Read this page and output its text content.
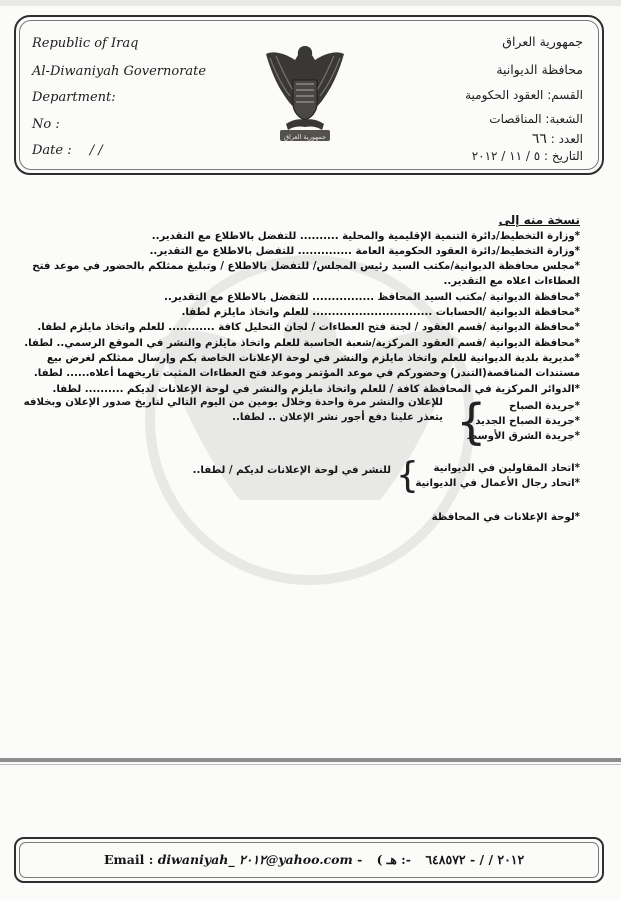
Republic of Iraq
Al-Diwaniyah Governorate
Department:
No :
Date : / /
جمهورية العراق
محافظة الديوانية
القسم: العقود الحكومية
الشعبة: المناقصات
العدد : ٦٦
التاريخ : ٥ / ١١ / ٢٠١٢
جمهورية العراق
نسخة منه إلى
*وزارة التخطيط/دائرة التنمية الإقليمية والمحلية .......... للتفضل بالاطلاع مع التقدير..
*وزارة التخطيط/دائرة العقود الحكومية العامة .............. للتفضل بالاطلاع مع التقدير..
*مجلس محافظة الديوانية/مكتب السيد رئيس المجلس/ للتفضل بالاطلاع / وتبليغ ممثلكم بالحضور في موعد فتح
العطاءات اعلاه مع التقدير..
*محافظة الديوانية /مكتب السيد المحافظ ................ للتفضل بالاطلاع مع التقدير..
*محافظة الديوانية /الحسابات ............................... للعلم واتخاذ مايلزم لطفا.
*محافظة الديوانية /قسم العقود / لجنة فتح العطاءات / لجان التحليل كافة ............ للعلم واتخاذ مايلزم لطفا.
*محافظة الديوانية /قسم العقود المركزية/شعبة الحاسبة للعلم واتخاذ مايلزم والنشر في الموقع الرسمي.. لطفا.
*مديرية بلدية الديوانية للعلم واتخاذ مايلزم والنشر في لوحة الإعلانات الخاصة بكم وإرسال ممثلكم لغرض بيع
مستندات المناقصة(التندر) وحضوركم في موعد المؤتمر وموعد فتح العطاءات المثبت تاريخهما أعلاه...... لطفا.
*الدوائر المركزية في المحافظة كافة / للعلم واتخاذ مايلزم والنشر في لوحة الإعلانات لديكم .......... لطفا.
*جريدة الصباح
*جريدة الصباح الجديد
*جريدة الشرق الأوسط
{
للإعلان والنشر مرة واحدة وخلال يومين من اليوم التالي لتاريخ صدور الإعلان وبخلافه
يتعذر علينا دفع أجور نشر الإعلان .. لطفا..
*اتحاد المقاولين في الديوانية
*اتحاد رجال الأعمال في الديوانية
{
للنشر في لوحة الإعلانات لديكم / لطفا..
*لوحة الإعلانات في المحافظة
Email : diwaniyah_ ٢٠١٢@yahoo.com - (٢٠١٢ / / - ٦٤٨٥٧٢ -: هـ
